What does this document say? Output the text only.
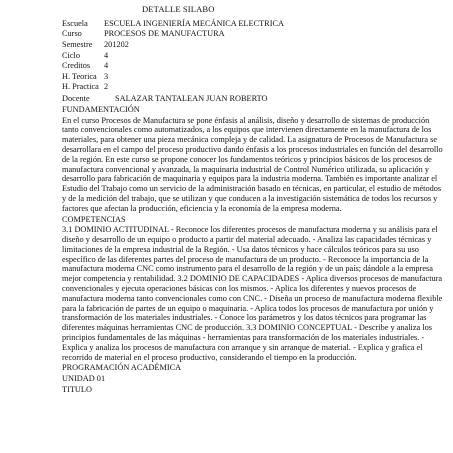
DETALLE SILABO
Escuela	ESCUELA INGENIERÍA MECÁNICA ELECTRICA
Curso	PROCESOS DE MANUFACTURA
Semestre	201202
Ciclo	4
Creditos	4
H. Teorica 3
H. Practica 2
Docente	SALAZAR TANTALEAN JUAN ROBERTO
FUNDAMENTACIÓN

En el curso Procesos de Manufactura se pone énfasis al análisis, diseño y desarrollo de sistemas de producción tanto convencionales como automatizados, a los equipos que intervienen directamente en la manufactura de los materiales, para obtener una pieza mecánica compleja y de calidad. La asignatura de Procesos de Manufactura se desarrollara en el campo del proceso productivo dando énfasis a los procesos industriales en función del desarrollo de la región. En este curso se propone conocer los fundamentos teóricos y principios básicos de los procesos de manufactura convencional y avanzada, la maquinaria industrial de Control Numérico utilizada, su aplicación y desarrollo para fabricación de maquinaria y equipos para la industria moderna. También es importante analizar el Estudio del Trabajo como un servicio de la administración basado en técnicas, en particular, el estudio de métodos y de la medición del trabajo, que se utilizan y que conducen a la investigación sistemática de todos los recursos y factores que afectan la producción, eficiencia y la economía de la empresa moderna.

COMPETENCIAS

3.1 DOMINIO ACTITUDINAL - Reconoce los diferentes procesos de manufactura moderna y su análisis para el diseño y desarrollo de un equipo o producto a partir del material adecuado. - Analiza las capacidades técnicas y limitaciones de la empresa industrial de la Región. - Usa datos técnicos y hace cálculos teóricos para su uso específico de las diferentes partes del proceso de manufactura de un producto. - Reconoce la importancia de la manufactura moderna CNC como instrumento para el desarrollo de la región y de un país; dándole a la empresa mejor competencia y rentabilidad. 3.2 DOMINIO DE CAPACIDADES - Aplica diversos procesos de manufactura convencionales y ejecuta operaciones básicas con los mismos. - Aplica los diferentes y nuevos procesos de manufactura moderna tanto convencionales como con CNC. - Diseña un proceso de manufactura moderna flexible para la fabricación de partes de un equipo o maquinaria. - Aplica todos los procesos de manufactura por unión y transformación de los materiales industriales. - Conoce los parámetros y los datos técnicos para programar las diferentes máquinas herramientas CNC de producción. 3.3 DOMINIO CONCEPTUAL - Describe y analiza los principios fundamentales de las máquinas - herramientas para transformación de los materiales industriales. - Explica y analiza los procesos de manufactura con arranque y sin arranque de material. - Explica y grafica el recorrido de material en el proceso productivo, considerando el tiempo en la producción.

PROGRAMACIÓN ACADÉMICA
UNIDAD 01
TITULO
